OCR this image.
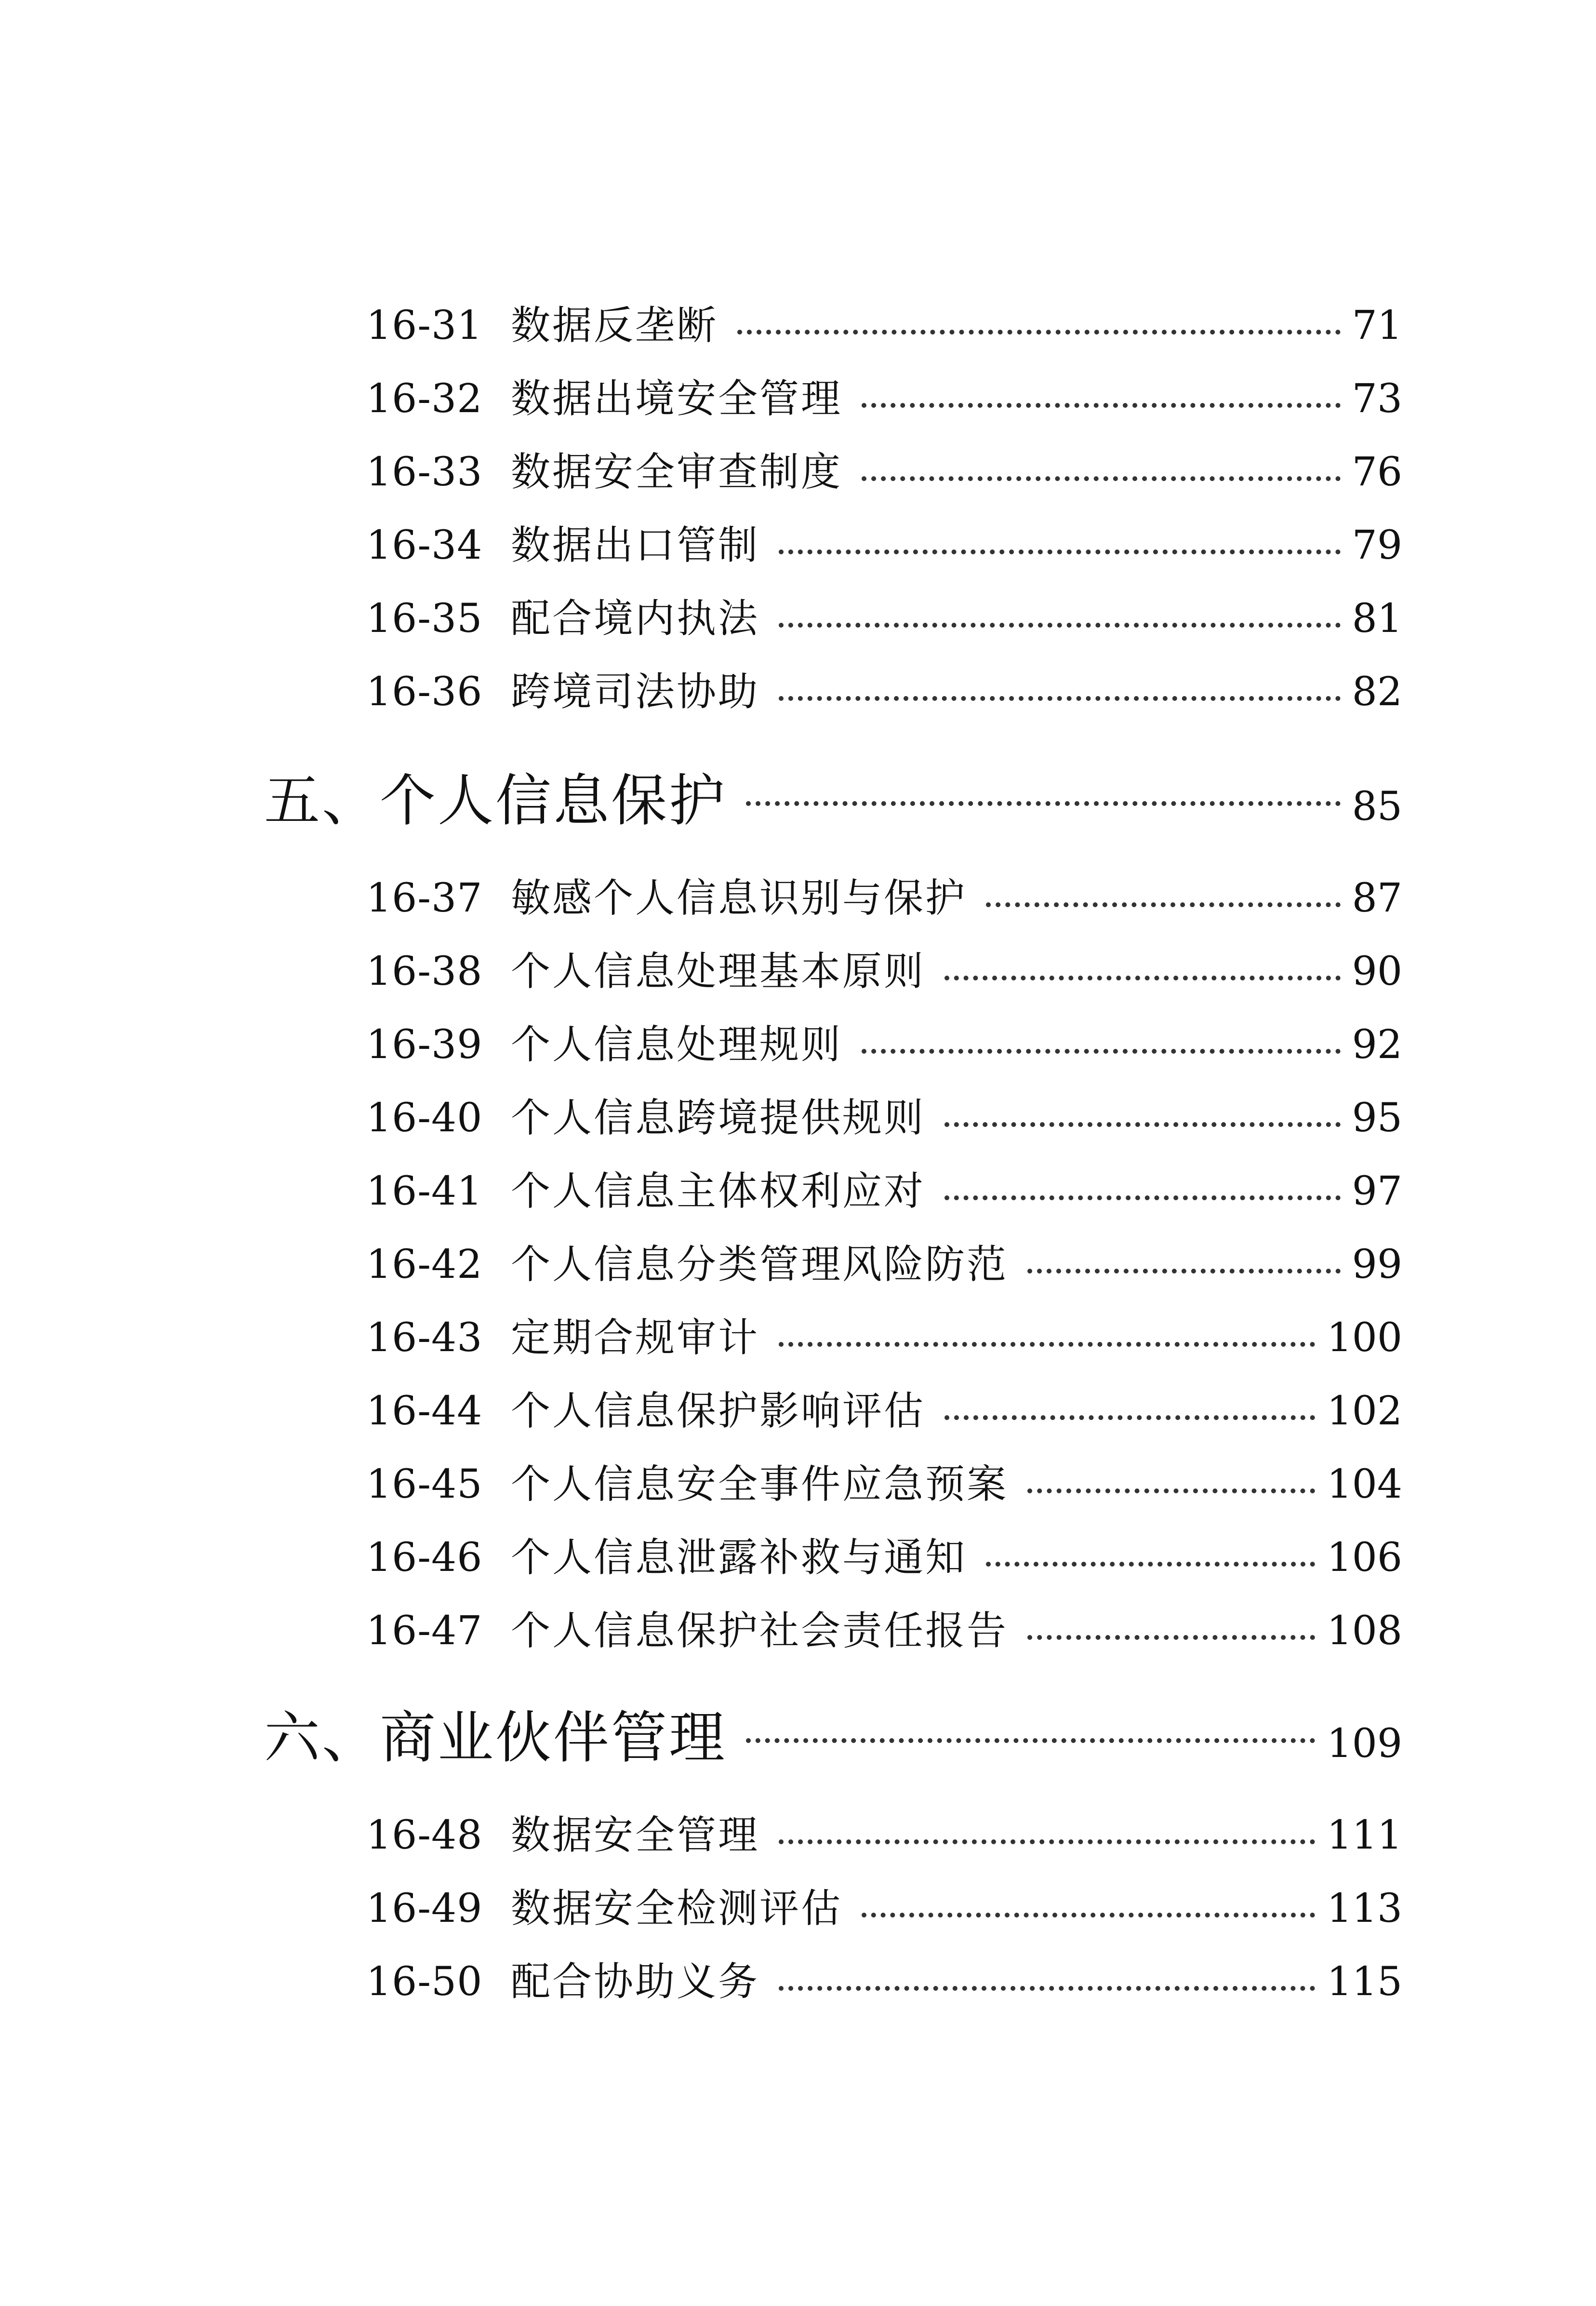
16-31 数据反垄断	71
16-32 数据出境安全管理	73
16-33 数据安全审查制度	76
16-34 数据出口管制	79
16-35 配合境内执法	81
16-36 跨境司法协助	82
五、个人信息保护	85
16-37 敏感个人信息识别与保护	87
16-38 个人信息处理基本原则	90
16-39 个人信息处理规则	92
16-40 个人信息跨境提供规则	95
16-41 个人信息主体权利应对	97
16-42 个人信息分类管理风险防范	99
16-43 定期合规审计	100
16-44 个人信息保护影响评估	102
16-45 个人信息安全事件应急预案	104
16-46 个人信息泄露补救与通知	106
16-47 个人信息保护社会责任报告	108
六、商业伙伴管理	109
16-48 数据安全管理	111
16-49 数据安全检测评估	113
16-50 配合协助义务	115
